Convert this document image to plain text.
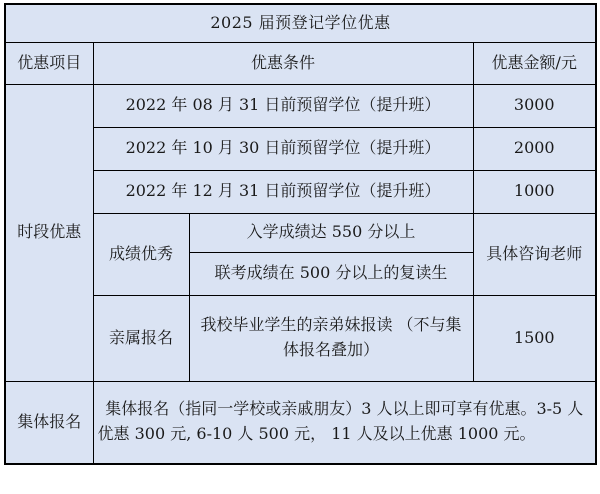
2025 届预登记学位优惠			
优惠项目	优惠条件		优惠金额/元
时段优惠	2022 年 08 月 31 日前预留学位（提升班）		3000
	2022 年 10 月 30 日前预留学位（提升班）		2000
	2022 年 12 月 31 日前预留学位（提升班）		1000
	成绩优秀	入学成绩达 550 分以上	具体咨询老师
		联考成绩在 500 分以上的复读生	
	亲属报名	我校毕业学生的亲弟妹报读 （不与集体报名叠加）	1500
集体报名	集体报名（指同一学校或亲戚朋友）3 人以上即可享有优惠。3-5 人优惠 300 元, 6-10 人 500 元， 11 人及以上优惠 1000 元。		
